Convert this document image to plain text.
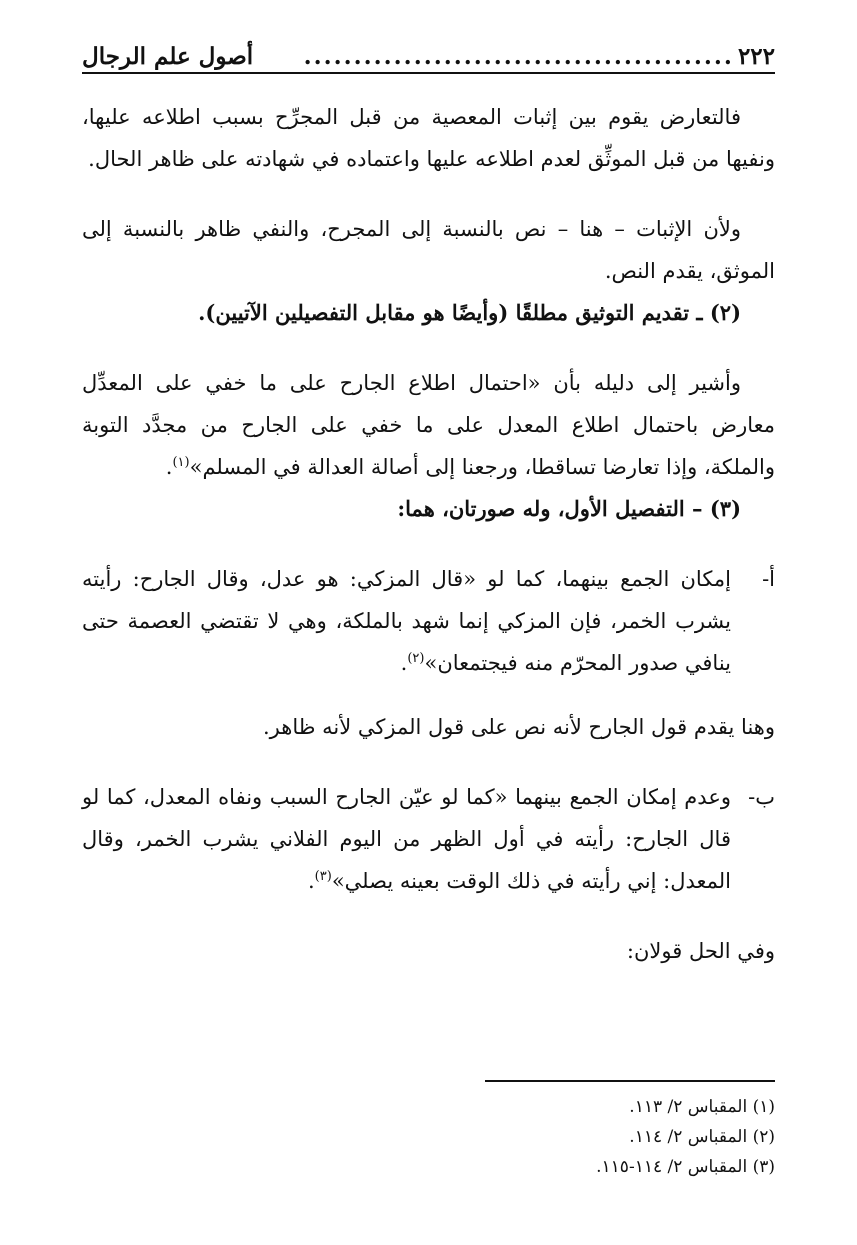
٢٢٢
...........................................
أصول علم الرجال

فالتعارض يقوم بين إثبات المعصية من قبل المجرِّح بسبب اطلاعه عليها، ونفيها من قبل الموثِّق لعدم اطلاعه عليها واعتماده في شهادته على ظاهر الحال.

ولأن الإثبات – هنا – نص بالنسبة إلى المجرح، والنفي ظاهر بالنسبة إلى الموثق، يقدم النص.

(٢) ـ تقديم التوثيق مطلقًا (وأيضًا هو مقابل التفصيلين الآتيين).

وأشير إلى دليله بأن «احتمال اطلاع الجارح على ما خفي على المعدِّل معارض باحتمال اطلاع المعدل على ما خفي على الجارح من مجدَّد التوبة والملكة، وإذا تعارضا تساقطا، ورجعنا إلى أصالة العدالة في المسلم»$^{(١)}$.

(٣) – التفصيل الأول، وله صورتان، هما:

أ-
إمكان الجمع بينهما، كما لو «قال المزكي: هو عدل، وقال الجارح: رأيته يشرب الخمر، فإن المزكي إنما شهد بالملكة، وهي لا تقتضي العصمة حتى ينافي صدور المحرّم منه فيجتمعان»$^{(٢)}$.

وهنا يقدم قول الجارح لأنه نص على قول المزكي لأنه ظاهر.

ب-
وعدم إمكان الجمع بينهما «كما لو عيّن الجارح السبب ونفاه المعدل، كما لو قال الجارح: رأيته في أول الظهر من اليوم الفلاني يشرب الخمر، وقال المعدل: إني رأيته في ذلك الوقت بعينه يصلي»$^{(٣)}$.

وفي الحل قولان:

(١) المقباس ٢/ ١١٣.

(٢) المقباس ٢/ ١١٤.

(٣) المقباس ٢/ ١١٤-١١٥.
